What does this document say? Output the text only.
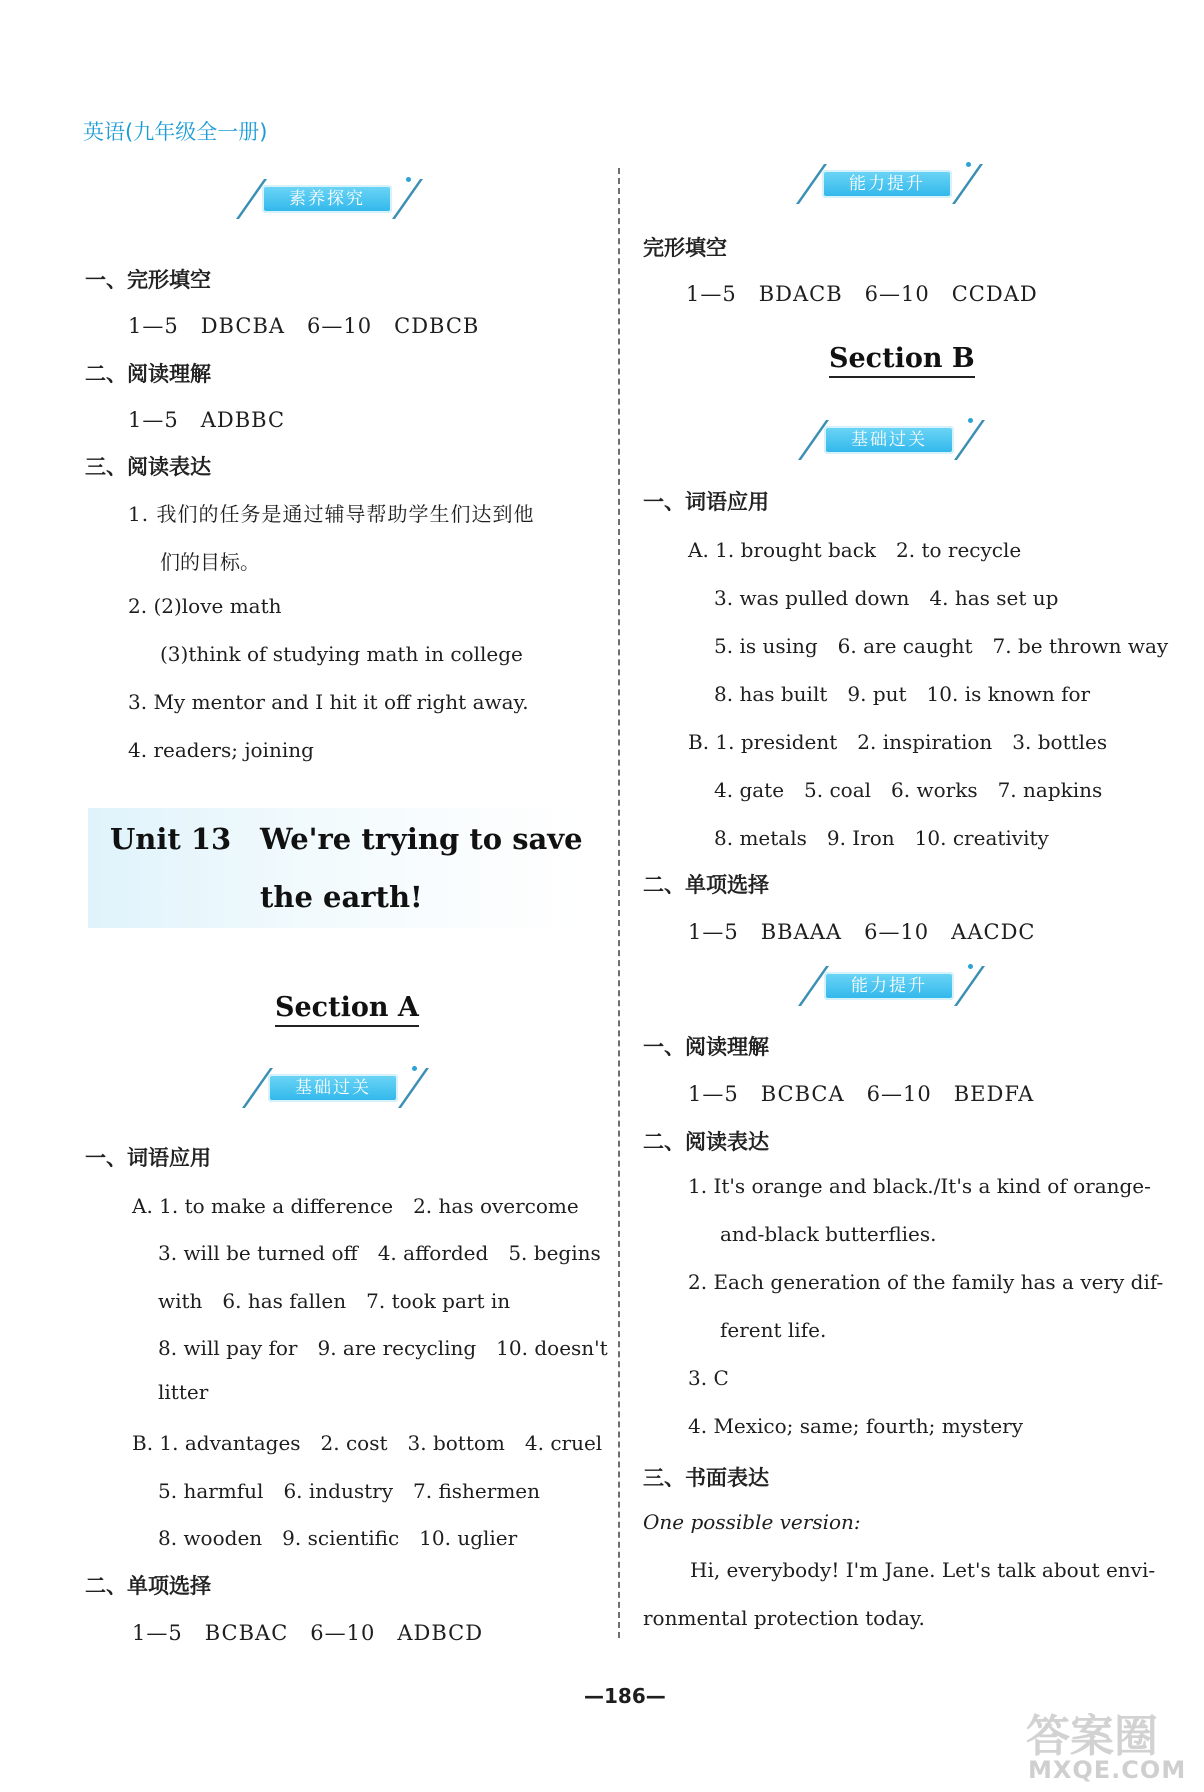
英语(九年级全一册)
素养探究
一、完形填空
1—5　DBCBA　6—10　CDBCB
二、阅读理解
1—5　ADBBC
三、阅读表达
1. 我们的任务是通过辅导帮助学生们达到他
们的目标。
2. (2)love math
(3)think of studying math in college
3. My mentor and I hit it off right away.
4. readers; joining
Unit 13 We're trying to save
the earth!
Section A
基础过关
一、词语应用
A. 1. to make a difference　2. has overcome
3. will be turned off　4. afforded　5. begins
with　6. has fallen　7. took part in
8. will pay for　9. are recycling　10. doesn't
litter
B. 1. advantages　2. cost　3. bottom　4. cruel
5. harmful　6. industry　7. fishermen
8. wooden　9. scientific　10. uglier
二、单项选择
1—5　BCBAC　6—10　ADBCD
能力提升
完形填空
1—5　BDACB　6—10　CCDAD
Section B
基础过关
一、词语应用
A. 1. brought back　2. to recycle
3. was pulled down　4. has set up
5. is using　6. are caught　7. be thrown way
8. has built　9. put　10. is known for
B. 1. president　2. inspiration　3. bottles
4. gate　5. coal　6. works　7. napkins
8. metals　9. Iron　10. creativity
二、单项选择
1—5　BBAAA　6—10　AACDC
能力提升
一、阅读理解
1—5　BCBCA　6—10　BEDFA
二、阅读表达
1. It's orange and black./It's a kind of orange-
and-black butterflies.
2. Each generation of the family has a very dif-
ferent life.
3. C
4. Mexico; same; fourth; mystery
三、书面表达
One possible version:
Hi, everybody! I'm Jane. Let's talk about envi-
ronmental protection today.
—186—
答案圈
MXQE.COM
